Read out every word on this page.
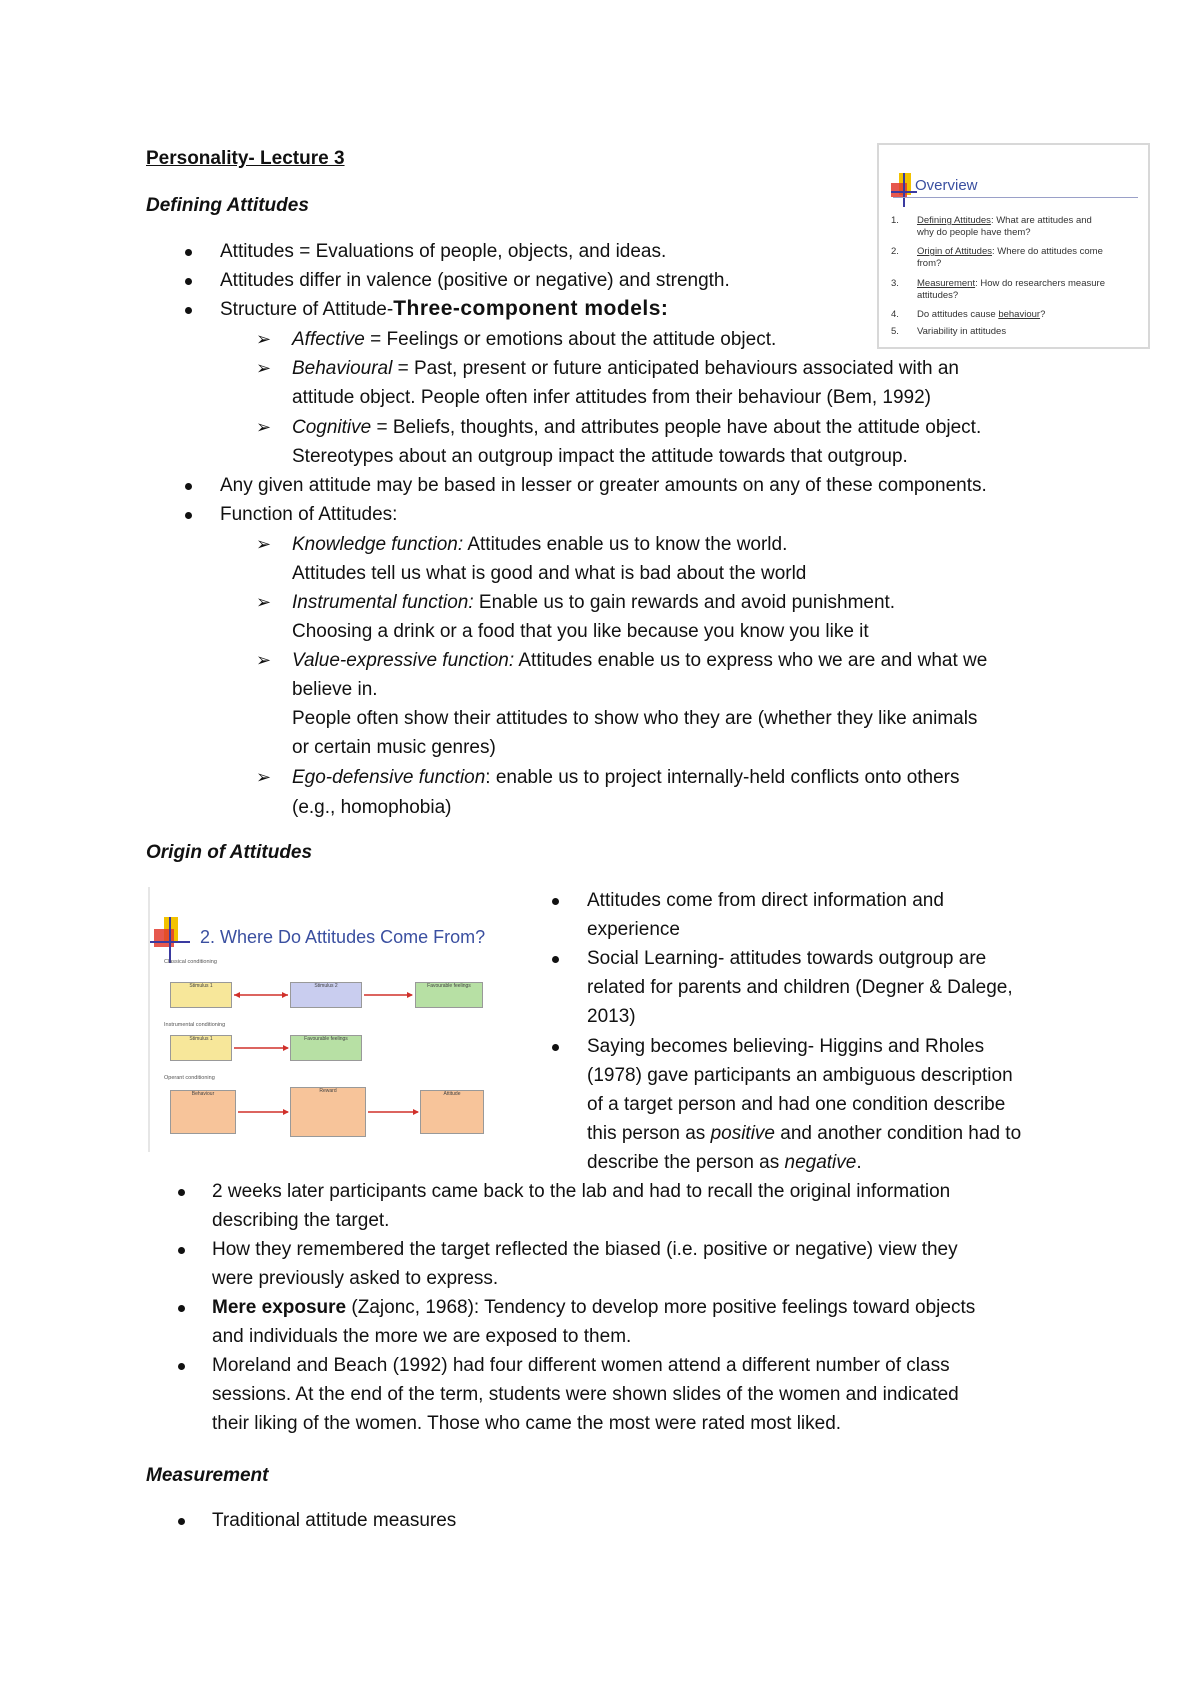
Personality- Lecture 3
Overview
1. Defining Attitudes: What are attitudes and
why do people have them?
2. Origin of Attitudes: Where do attitudes come
from?
3. Measurement: How do researchers measure
attitudes?
4. Do attitudes cause behaviour?
5. Variability in attitudes
Defining Attitudes
Attitudes = Evaluations of people, objects, and ideas.
Attitudes differ in valence (positive or negative) and strength.
Structure of Attitude-Three-component models:
➢ Affective = Feelings or emotions about the attitude object.
➢ Behavioural = Past, present or future anticipated behaviours associated with an
attitude object. People often infer attitudes from their behaviour (Bem, 1992)
➢ Cognitive = Beliefs, thoughts, and attributes people have about the attitude object.
Stereotypes about an outgroup impact the attitude towards that outgroup.
Any given attitude may be based in lesser or greater amounts on any of these components.
Function of Attitudes:
➢ Knowledge function: Attitudes enable us to know the world.
Attitudes tell us what is good and what is bad about the world
➢ Instrumental function: Enable us to gain rewards and avoid punishment.
Choosing a drink or a food that you like because you know you like it
➢ Value-expressive function: Attitudes enable us to express who we are and what we
believe in.
People often show their attitudes to show who they are (whether they like animals
or certain music genres)
➢ Ego-defensive function: enable us to project internally-held conflicts onto others
(e.g., homophobia)
Origin of Attitudes
2. Where Do Attitudes Come From?
Classical conditioning
Instrumental conditioning
Operant conditioning
Stimulus 1	Stimulus 2	Favourable feelings
Stimulus 1	Favourable feelings
Behaviour	Reward	Attitude
Attitudes come from direct information and
experience
Social Learning- attitudes towards outgroup are
related for parents and children (Degner & Dalege,
2013)
Saying becomes believing- Higgins and Rholes
(1978) gave participants an ambiguous description
of a target person and had one condition describe
this person as positive and another condition had to
describe the person as negative.
2 weeks later participants came back to the lab and had to recall the original information
describing the target.
How they remembered the target reflected the biased (i.e. positive or negative) view they
were previously asked to express.
Mere exposure (Zajonc, 1968): Tendency to develop more positive feelings toward objects
and individuals the more we are exposed to them.
Moreland and Beach (1992) had four different women attend a different number of class
sessions. At the end of the term, students were shown slides of the women and indicated
their liking of the women. Those who came the most were rated most liked.
Measurement
Traditional attitude measures
